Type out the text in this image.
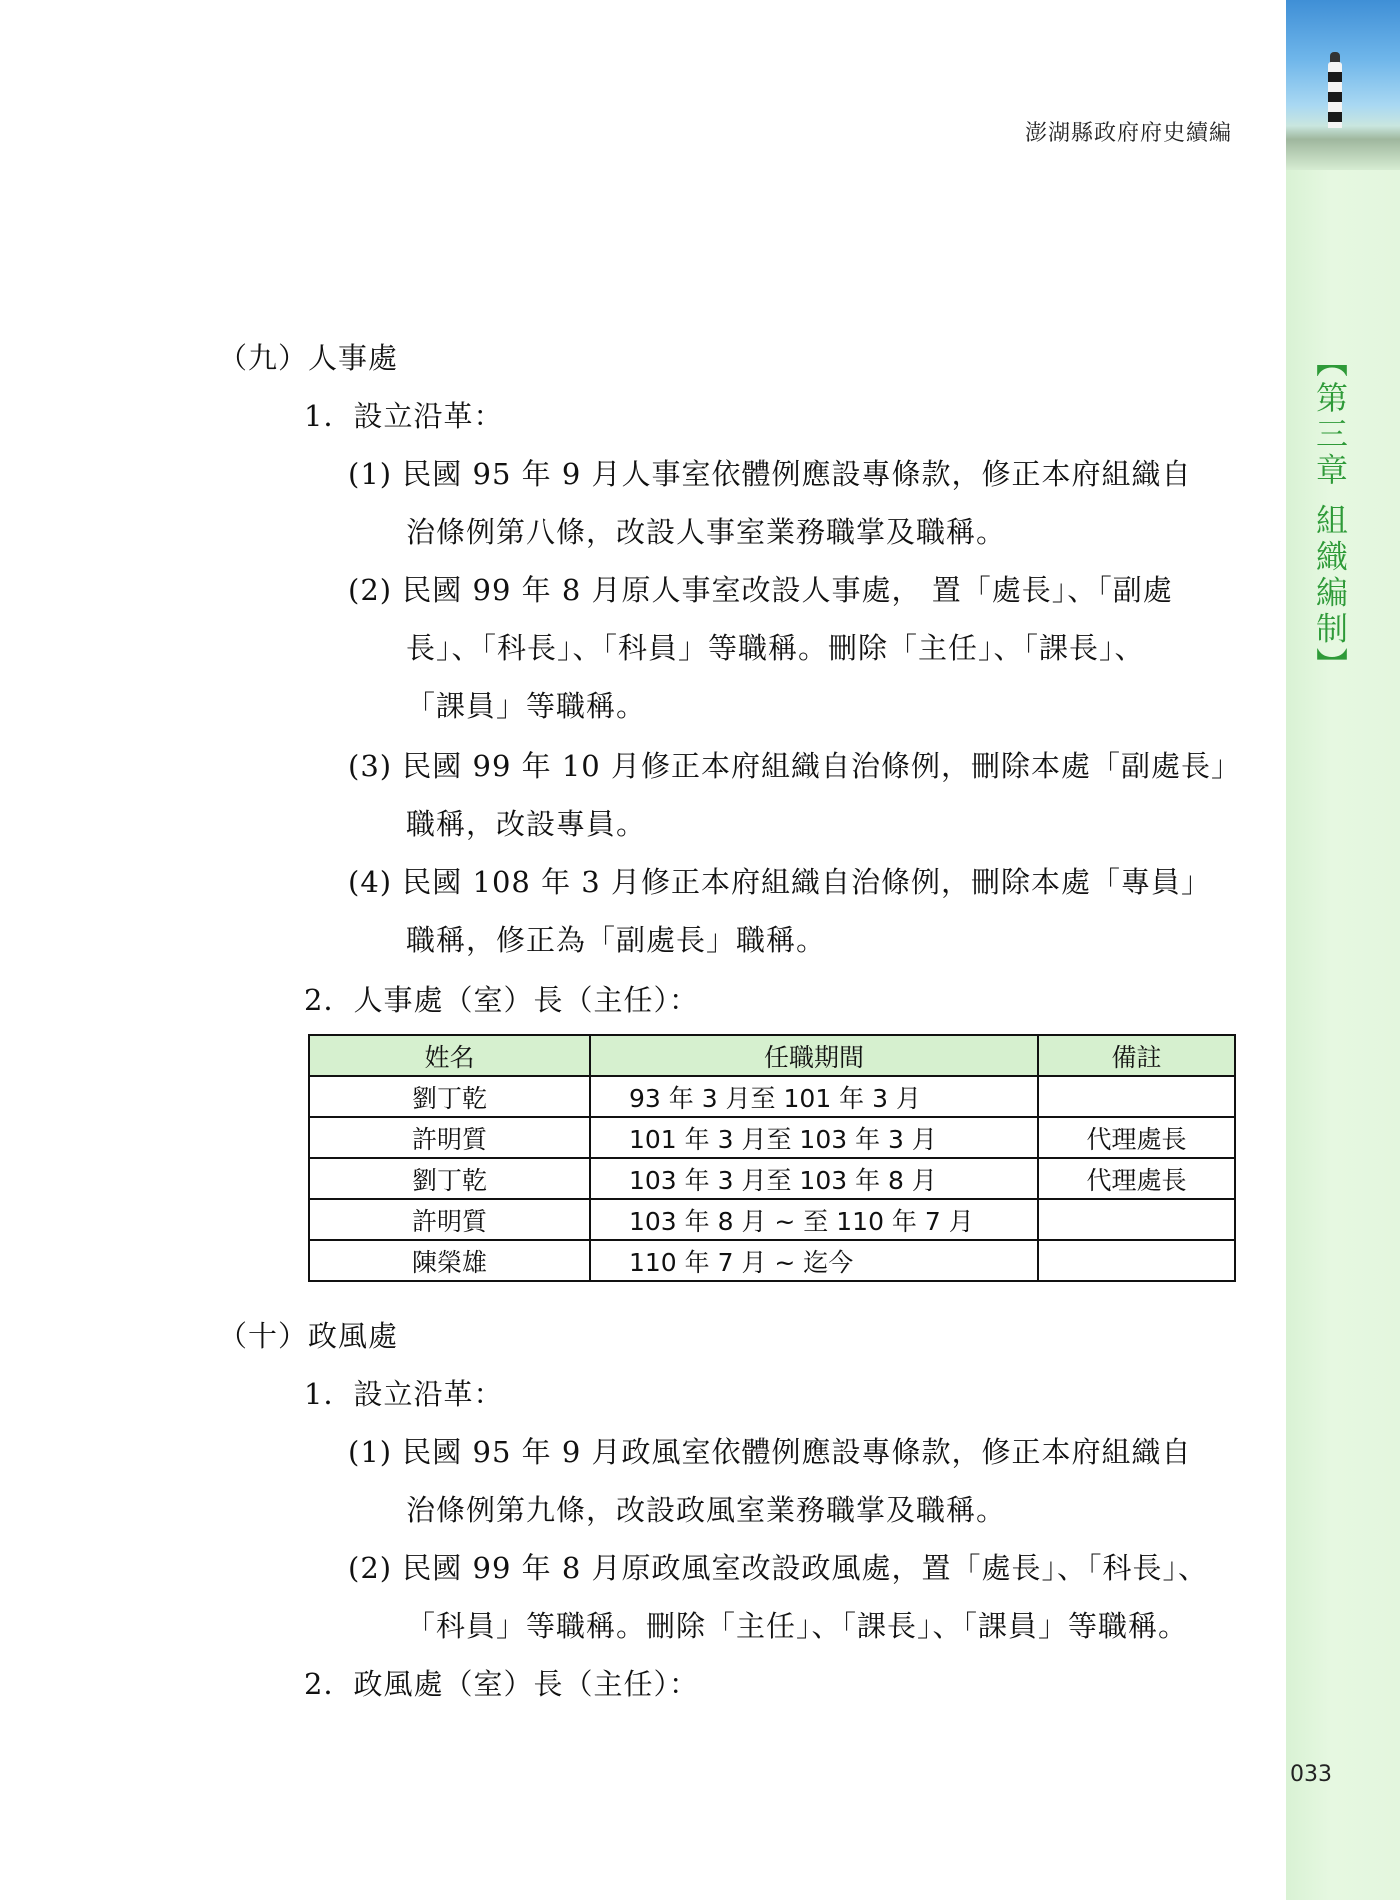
澎湖縣政府府史續編
【第三章 組織編制】
033
（九）人事處
1．設立沿革：
(1) 民國 95 年 9 月人事室依體例應設專條款，修正本府組織自
治條例第八條，改設人事室業務職掌及職稱。
(2) 民國 99 年 8 月原人事室改設人事處， 置「處長」、「副處
長」、「科長」、「科員」等職稱。刪除「主任」、「課長」、
「課員」等職稱。
(3) 民國 99 年 10 月修正本府組織自治條例，刪除本處「副處長」
職稱，改設專員。
(4) 民國 108 年 3 月修正本府組織自治條例，刪除本處「專員」
職稱，修正為「副處長」職稱。
2．人事處（室）長（主任）：
姓名	任職期間	備註
劉丁乾	93 年 3 月至 101 年 3 月	
許明質	101 年 3 月至 103 年 3 月	代理處長
劉丁乾	103 年 3 月至 103 年 8 月	代理處長
許明質	103 年 8 月 ~ 至 110 年 7 月	
陳榮雄	110 年 7 月 ~ 迄今	
（十）政風處
1．設立沿革：
(1) 民國 95 年 9 月政風室依體例應設專條款，修正本府組織自
治條例第九條，改設政風室業務職掌及職稱。
(2) 民國 99 年 8 月原政風室改設政風處，置「處長」、「科長」、
「科員」等職稱。刪除「主任」、「課長」、「課員」等職稱。
2．政風處（室）長（主任）：
